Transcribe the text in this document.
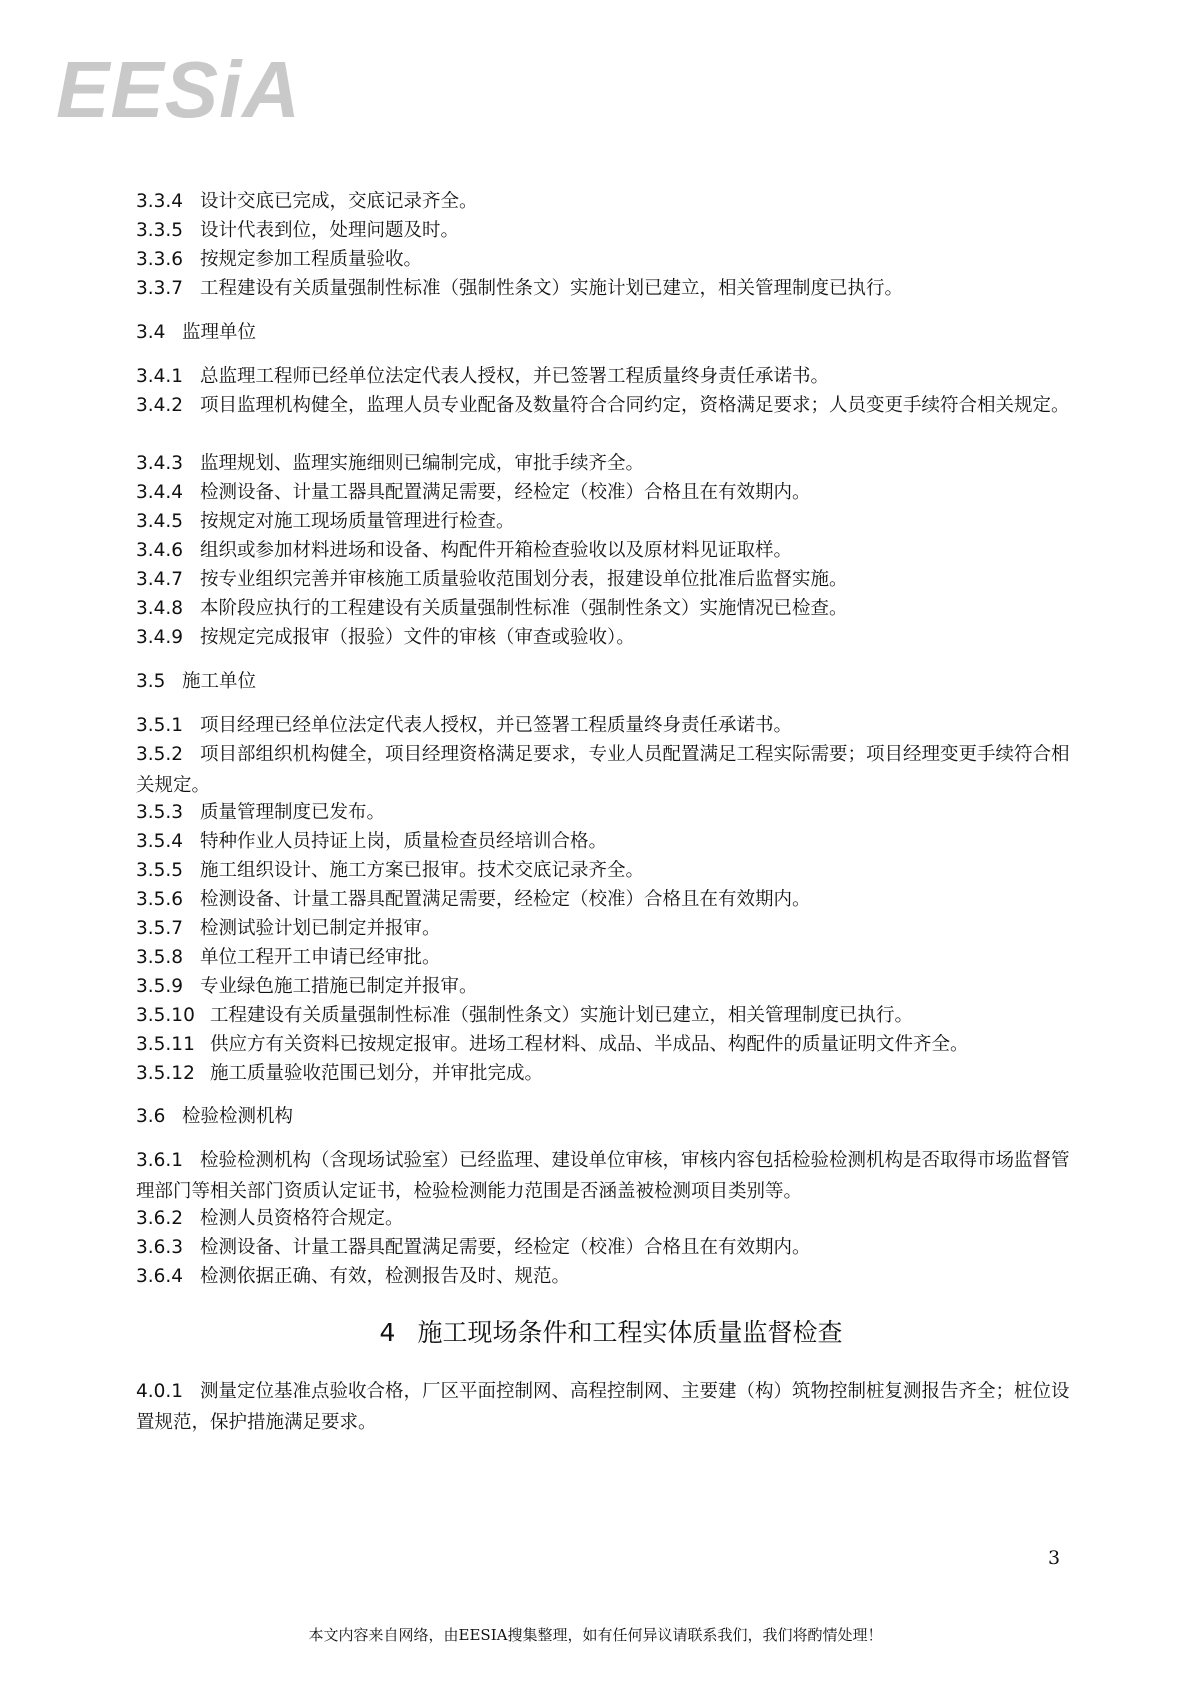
EESiA
3.3.4 设计交底已完成，交底记录齐全。
3.3.5 设计代表到位，处理问题及时。
3.3.6 按规定参加工程质量验收。
3.3.7 工程建设有关质量强制性标准（强制性条文）实施计划已建立，相关管理制度已执行。
3.4 监理单位
3.4.1 总监理工程师已经单位法定代表人授权，并已签署工程质量终身责任承诺书。
3.4.2 项目监理机构健全，监理人员专业配备及数量符合合同约定，资格满足要求；人员变更手续符合相关规定。
3.4.3 监理规划、监理实施细则已编制完成，审批手续齐全。
3.4.4 检测设备、计量工器具配置满足需要，经检定（校准）合格且在有效期内。
3.4.5 按规定对施工现场质量管理进行检查。
3.4.6 组织或参加材料进场和设备、构配件开箱检查验收以及原材料见证取样。
3.4.7 按专业组织完善并审核施工质量验收范围划分表，报建设单位批准后监督实施。
3.4.8 本阶段应执行的工程建设有关质量强制性标准（强制性条文）实施情况已检查。
3.4.9 按规定完成报审（报验）文件的审核（审查或验收）。
3.5 施工单位
3.5.1 项目经理已经单位法定代表人授权，并已签署工程质量终身责任承诺书。
3.5.2 项目部组织机构健全，项目经理资格满足要求，专业人员配置满足工程实际需要；项目经理变更手续符合相关规定。
3.5.3 质量管理制度已发布。
3.5.4 特种作业人员持证上岗，质量检查员经培训合格。
3.5.5 施工组织设计、施工方案已报审。技术交底记录齐全。
3.5.6 检测设备、计量工器具配置满足需要，经检定（校准）合格且在有效期内。
3.5.7 检测试验计划已制定并报审。
3.5.8 单位工程开工申请已经审批。
3.5.9 专业绿色施工措施已制定并报审。
3.5.10 工程建设有关质量强制性标准（强制性条文）实施计划已建立，相关管理制度已执行。
3.5.11 供应方有关资料已按规定报审。进场工程材料、成品、半成品、构配件的质量证明文件齐全。
3.5.12 施工质量验收范围已划分，并审批完成。
3.6 检验检测机构
3.6.1 检验检测机构（含现场试验室）已经监理、建设单位审核，审核内容包括检验检测机构是否取得市场监督管理部门等相关部门资质认定证书，检验检测能力范围是否涵盖被检测项目类别等。
3.6.2 检测人员资格符合规定。
3.6.3 检测设备、计量工器具配置满足需要，经检定（校准）合格且在有效期内。
3.6.4 检测依据正确、有效，检测报告及时、规范。
4 施工现场条件和工程实体质量监督检查
4.0.1 测量定位基准点验收合格，厂区平面控制网、高程控制网、主要建（构）筑物控制桩复测报告齐全；桩位设置规范，保护措施满足要求。
3
本文内容来自网络，由EESIA搜集整理，如有任何异议请联系我们，我们将酌情处理！
